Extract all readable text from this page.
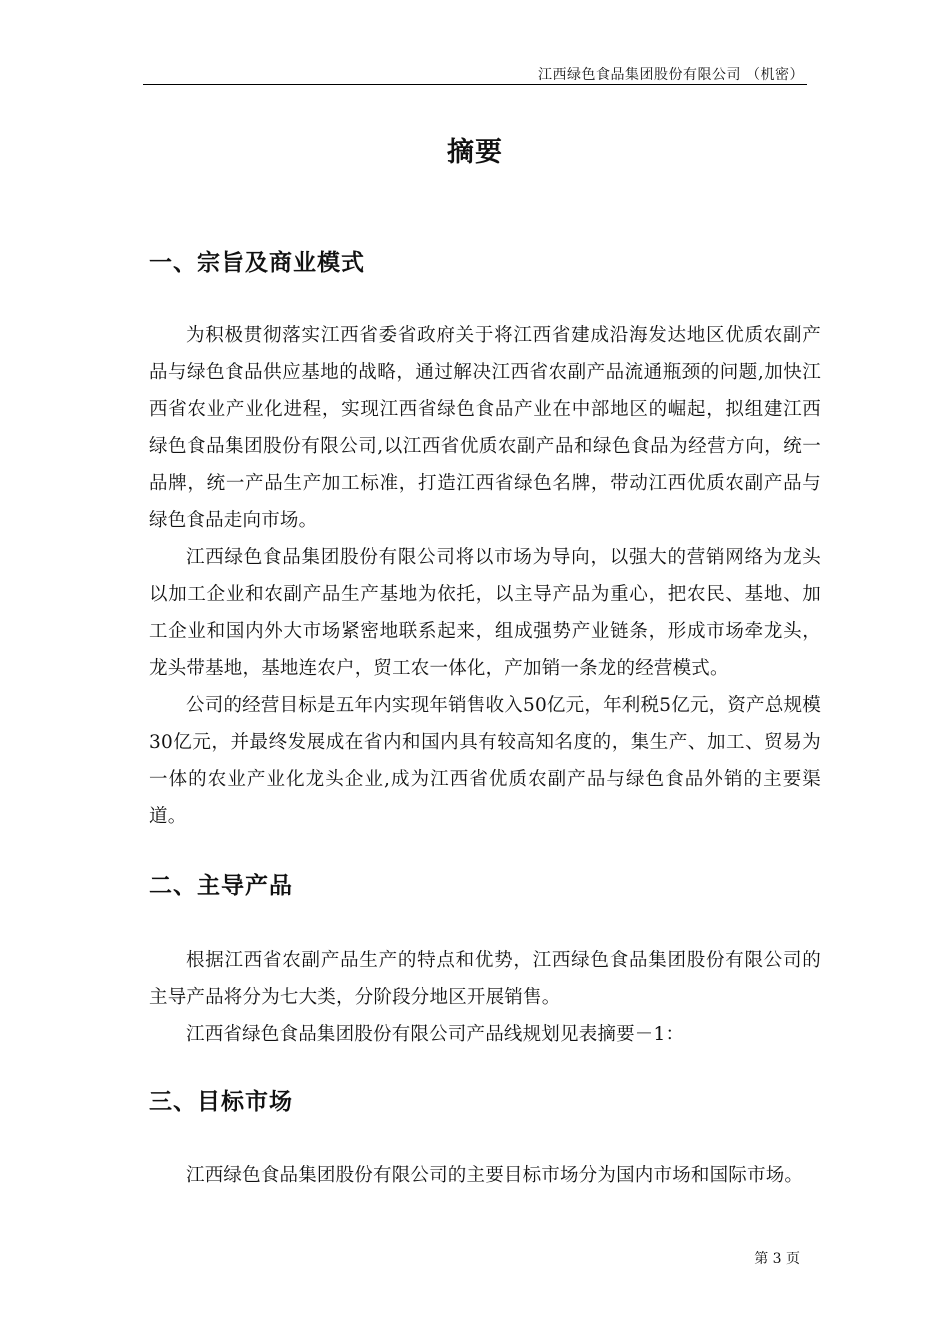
江西绿色食品集团股份有限公司 （机密）
摘要
一、宗旨及商业模式

为积极贯彻落实江西省委省政府关于将江西省建成沿海发达地区优质农副产品与绿色食品供应基地的战略，通过解决江西省农副产品流通瓶颈的问题,加快江西省农业产业化进程，实现江西省绿色食品产业在中部地区的崛起，拟组建江西绿色食品集团股份有限公司,以江西省优质农副产品和绿色食品为经营方向，统一品牌，统一产品生产加工标准，打造江西省绿色名牌，带动江西优质农副产品与绿色食品走向市场。

江西绿色食品集团股份有限公司将以市场为导向，以强大的营销网络为龙头以加工企业和农副产品生产基地为依托，以主导产品为重心，把农民、基地、加工企业和国内外大市场紧密地联系起来，组成强势产业链条，形成市场牵龙头，龙头带基地，基地连农户，贸工农一体化，产加销一条龙的经营模式。

公司的经营目标是五年内实现年销售收入50亿元，年利税5亿元，资产总规模30亿元，并最终发展成在省内和国内具有较高知名度的，集生产、加工、贸易为一体的农业产业化龙头企业,成为江西省优质农副产品与绿色食品外销的主要渠道。

二、主导产品

根据江西省农副产品生产的特点和优势，江西绿色食品集团股份有限公司的主导产品将分为七大类，分阶段分地区开展销售。

江西省绿色食品集团股份有限公司产品线规划见表摘要－1：

三、目标市场

江西绿色食品集团股份有限公司的主要目标市场分为国内市场和国际市场。

第 3 页
